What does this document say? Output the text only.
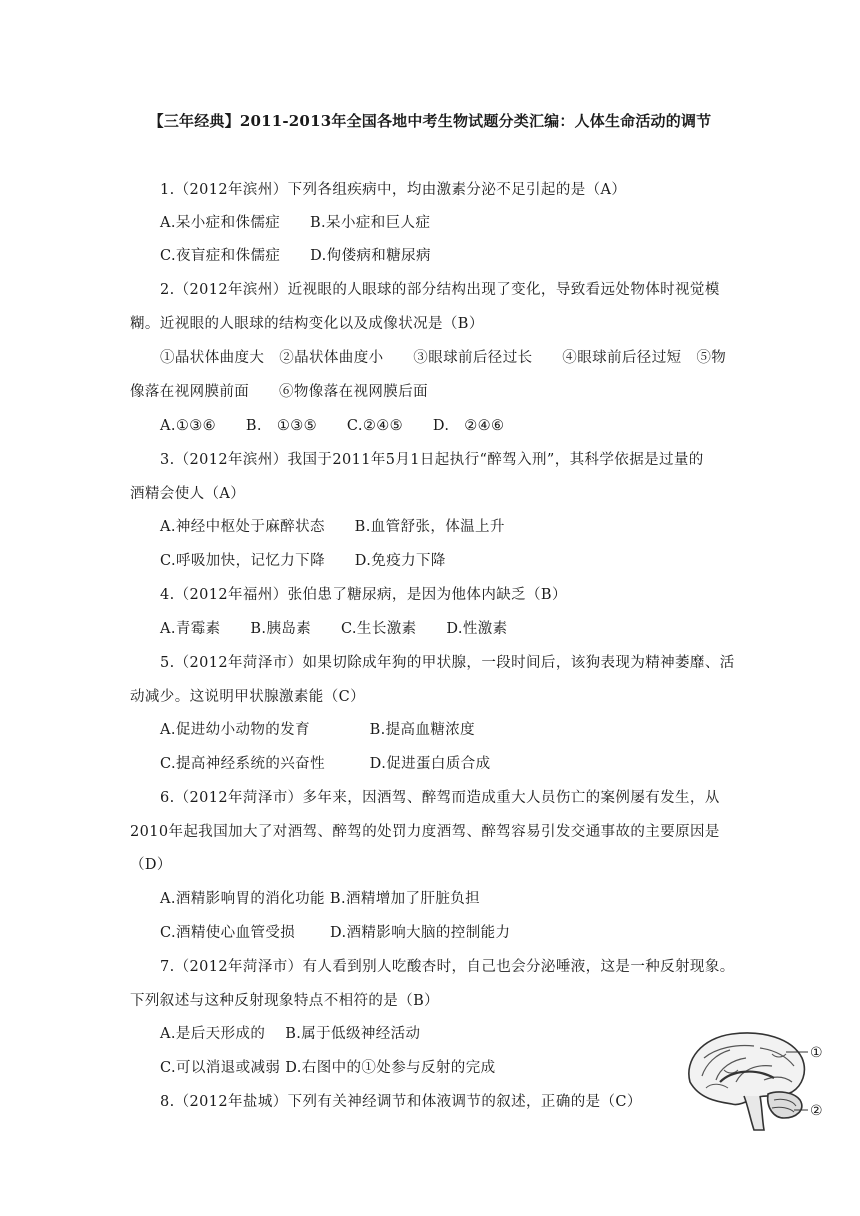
【三年经典】2011-2013年全国各地中考生物试题分类汇编：人体生命活动的调节
1.（2012年滨州）下列各组疾病中，均由激素分泌不足引起的是（A）
A.呆小症和侏儒症　　B.呆小症和巨人症
C.夜盲症和侏儒症　　D.佝偻病和糖尿病
2.（2012年滨州）近视眼的人眼球的部分结构出现了变化，导致看远处物体时视觉模
糊。近视眼的人眼球的结构变化以及成像状况是（B）
①晶状体曲度大　②晶状体曲度小　　③眼球前后径过长　　④眼球前后径过短　⑤物
像落在视网膜前面　　⑥物像落在视网膜后面
A.①③⑥　　B.　①③⑤　　C.②④⑤　　D.　②④⑥
3.（2012年滨州）我国于2011年5月1日起执行“醉驾入刑”，其科学依据是过量的
酒精会使人（A）
A.神经中枢处于麻醉状态　　B.血管舒张，体温上升
C.呼吸加快，记忆力下降　　D.免疫力下降
4.（2012年福州）张伯患了糖尿病，是因为他体内缺乏（B）
A.青霉素　　B.胰岛素　　C.生长激素　　D.性激素
5.（2012年菏泽市）如果切除成年狗的甲状腺，一段时间后，该狗表现为精神萎靡、活
动减少。这说明甲状腺激素能（C）
A.促进幼小动物的发育　　　　B.提高血糖浓度
C.提高神经系统的兴奋性　　　D.促进蛋白质合成
6.（2012年菏泽市）多年来，因酒驾、醉驾而造成重大人员伤亡的案例屡有发生，从
2010年起我国加大了对酒驾、醉驾的处罚力度酒驾、醉驾容易引发交通事故的主要原因是
（D）
A.酒精影响胃的消化功能 B.酒精增加了肝脏负担
C.酒精使心血管受损　　 D.酒精影响大脑的控制能力
7.（2012年菏泽市）有人看到别人吃酸杏时，自己也会分泌唾液，这是一种反射现象。
下列叙述与这种反射现象特点不相符的是（B）
A.是后天形成的　 B.属于低级神经活动
C.可以消退或减弱 D.右图中的①处参与反射的完成
8.（2012年盐城）下列有关神经调节和体液调节的叙述，正确的是（C）
①
②
